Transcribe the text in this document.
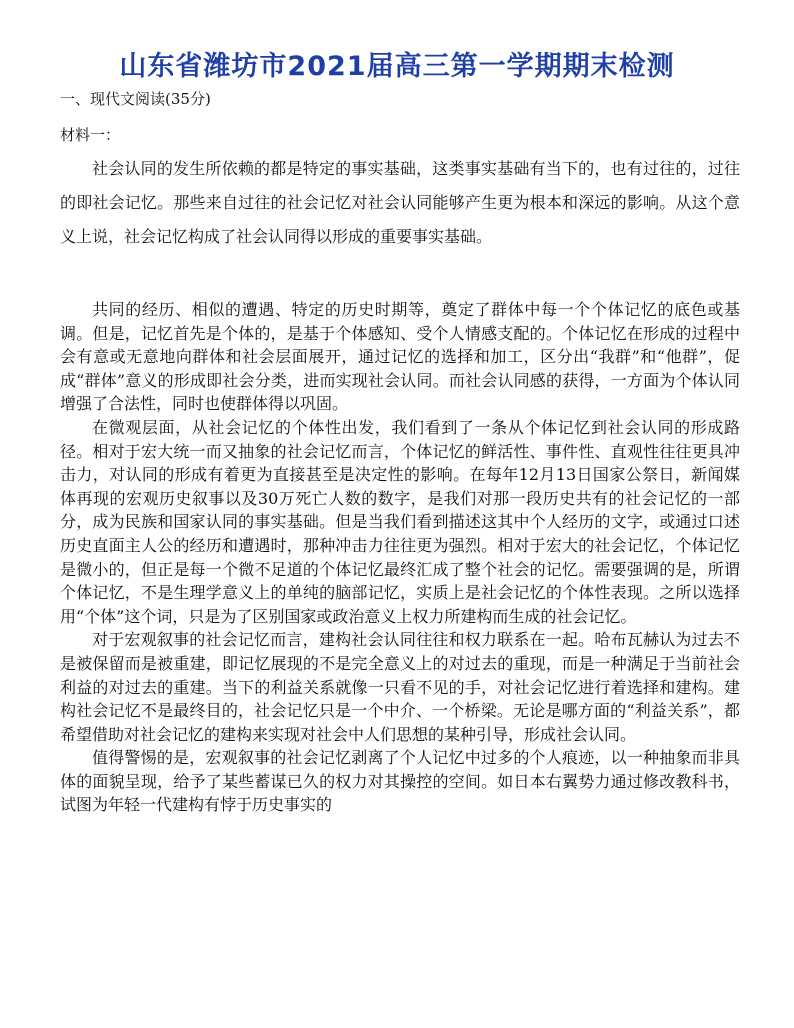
山东省潍坊市2021届高三第一学期期末检测
一、现代文阅读(35分)
材料一：

社会认同的发生所依赖的都是特定的事实基础，这类事实基础有当下的，也有过往的，过往的即社会记忆。那些来自过往的社会记忆对社会认同能够产生更为根本和深远的影响。从这个意义上说，社会记忆构成了社会认同得以形成的重要事实基础。

共同的经历、相似的遭遇、特定的历史时期等，奠定了群体中每一个个体记忆的底色或基调。但是，记忆首先是个体的，是基于个体感知、受个人情感支配的。个体记忆在形成的过程中会有意或无意地向群体和社会层面展开，通过记忆的选择和加工，区分出“我群”和“他群”，促成“群体”意义的形成即社会分类，进而实现社会认同。而社会认同感的获得，一方面为个体认同增强了合法性，同时也使群体得以巩固。

在微观层面，从社会记忆的个体性出发，我们看到了一条从个体记忆到社会认同的形成路径。相对于宏大统一而又抽象的社会记忆而言，个体记忆的鲜活性、事件性、直观性往往更具冲击力，对认同的形成有着更为直接甚至是决定性的影响。在每年12月13日国家公祭日，新闻媒体再现的宏观历史叙事以及30万死亡人数的数字，是我们对那一段历史共有的社会记忆的一部分，成为民族和国家认同的事实基础。但是当我们看到描述这其中个人经历的文字，或通过口述历史直面主人公的经历和遭遇时，那种冲击力往往更为强烈。相对于宏大的社会记忆，个体记忆是微小的，但正是每一个微不足道的个体记忆最终汇成了整个社会的记忆。需要强调的是，所谓个体记忆，不是生理学意义上的单纯的脑部记忆，实质上是社会记忆的个体性表现。之所以选择用“个体”这个词，只是为了区别国家或政治意义上权力所建构而生成的社会记忆。

对于宏观叙事的社会记忆而言，建构社会认同往往和权力联系在一起。哈布瓦赫认为过去不是被保留而是被重建，即记忆展现的不是完全意义上的对过去的重现，而是一种满足于当前社会利益的对过去的重建。当下的利益关系就像一只看不见的手，对社会记忆进行着选择和建构。建构社会记忆不是最终目的，社会记忆只是一个中介、一个桥梁。无论是哪方面的“利益关系”，都希望借助对社会记忆的建构来实现对社会中人们思想的某种引导，形成社会认同。

值得警惕的是，宏观叙事的社会记忆剥离了个人记忆中过多的个人痕迹，以一种抽象而非具体的面貌呈现，给予了某些蓄谋已久的权力对其操控的空间。如日本右翼势力通过修改教科书，试图为年轻一代建构有悖于历史事实的
